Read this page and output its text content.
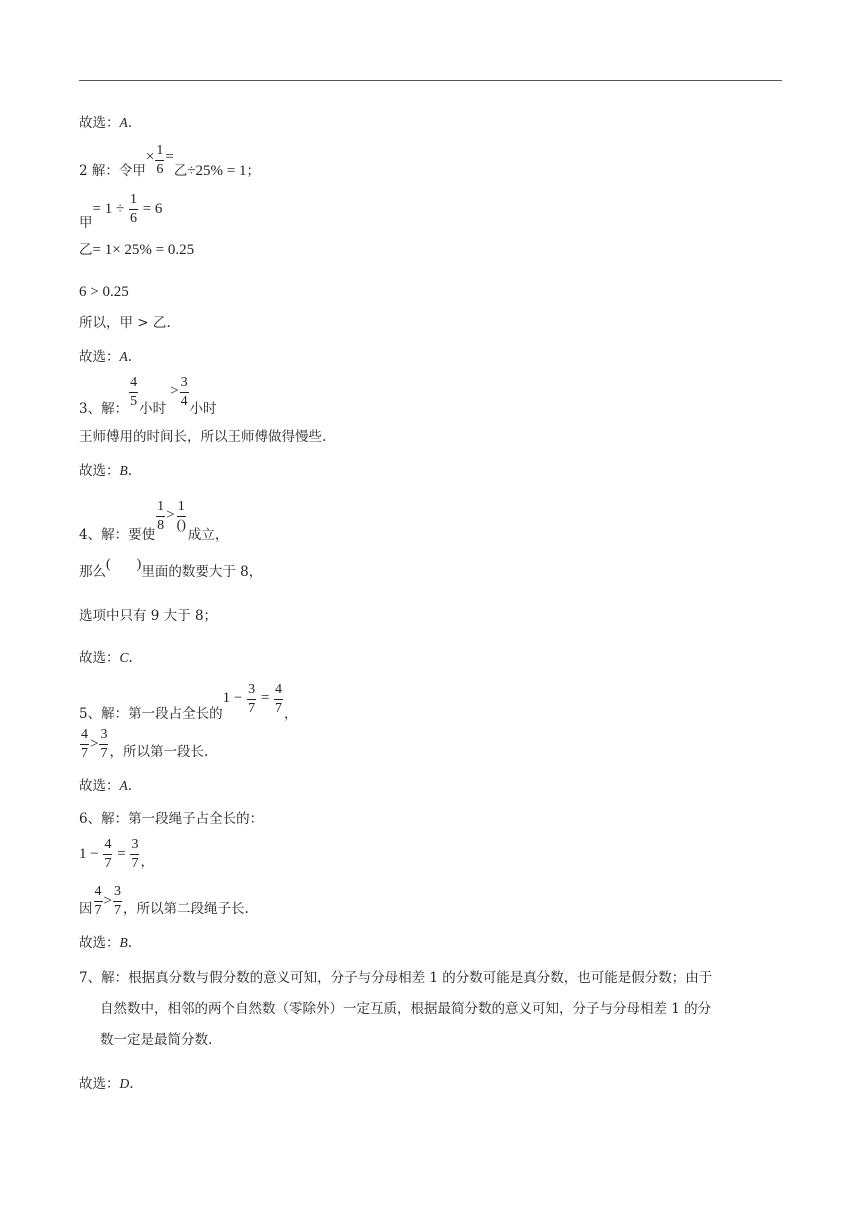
故选：A.
2 解：令甲× $\frac{1}{6}$ =乙÷25% = 1；
甲= $1 \div \frac{1}{6} = 6$
乙= 1× 25% = 0.25
6 > 0.25
所以，甲 > 乙.
故选：A.
3、解： $\frac{4}{5}$ 小时> $\frac{3}{4}$ 小时
王师傅用的时间长，所以王师傅做得慢些.
故选：B.
4、解：要使
$\frac{1}{8}$ >
1
()
成立，
那么( )里面的数要大于 8，
选项中只有 9 大于 8；
故选：C.
5、解：第一段占全长的$1 - \frac{3}{7} = \frac{4}{7}$ ，
$\frac{4}{7} > \frac{3}{7}$ ，所以第一段长.
故选：A.
6、解：第一段绳子占全长的：
$1 - \frac{4}{7} = \frac{3}{7}$ ，
因 $\frac{4}{7} > \frac{3}{7}$ ，所以第二段绳子长.
故选：B.
7、解：根据真分数与假分数的意义可知，分子与分母相差 1 的分数可能是真分数，也可能是假分数；由于
自然数中，相邻的两个自然数（零除外）一定互质，根据最简分数的意义可知，分子与分母相差 1 的分
数一定是最简分数.
故选：D.
